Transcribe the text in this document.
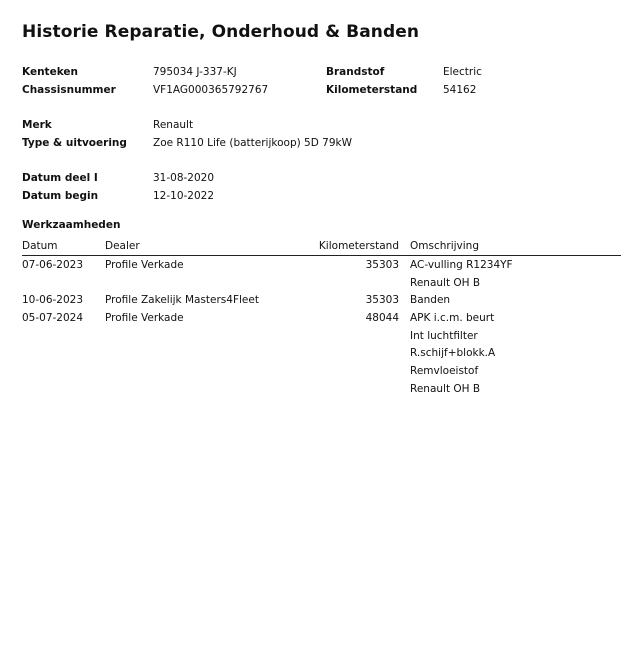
Historie Reparatie, Onderhoud & Banden
Kenteken	795034 J-337-KJ	Brandstof	Electric
Chassisnummer	VF1AG000365792767	Kilometerstand 54162
Merk	Renault
Type & uitvoering Zoe R110 Life (batterijkoop) 5D 79kW
Datum deel I	31-08-2020
Datum begin	12-10-2022
Werkzaamheden
Datum	Dealer	Kilometerstand Omschrijving
07-06-2023 Profile Verkade	35303 AC-vulling R1234YF
Renault OH B
10-06-2023 Profile Zakelijk Masters4Fleet	35303 Banden
05-07-2024 Profile Verkade	48044 APK i.c.m. beurt
Int luchtfilter
R.schijf+blokk.A
Remvloeistof
Renault OH B
